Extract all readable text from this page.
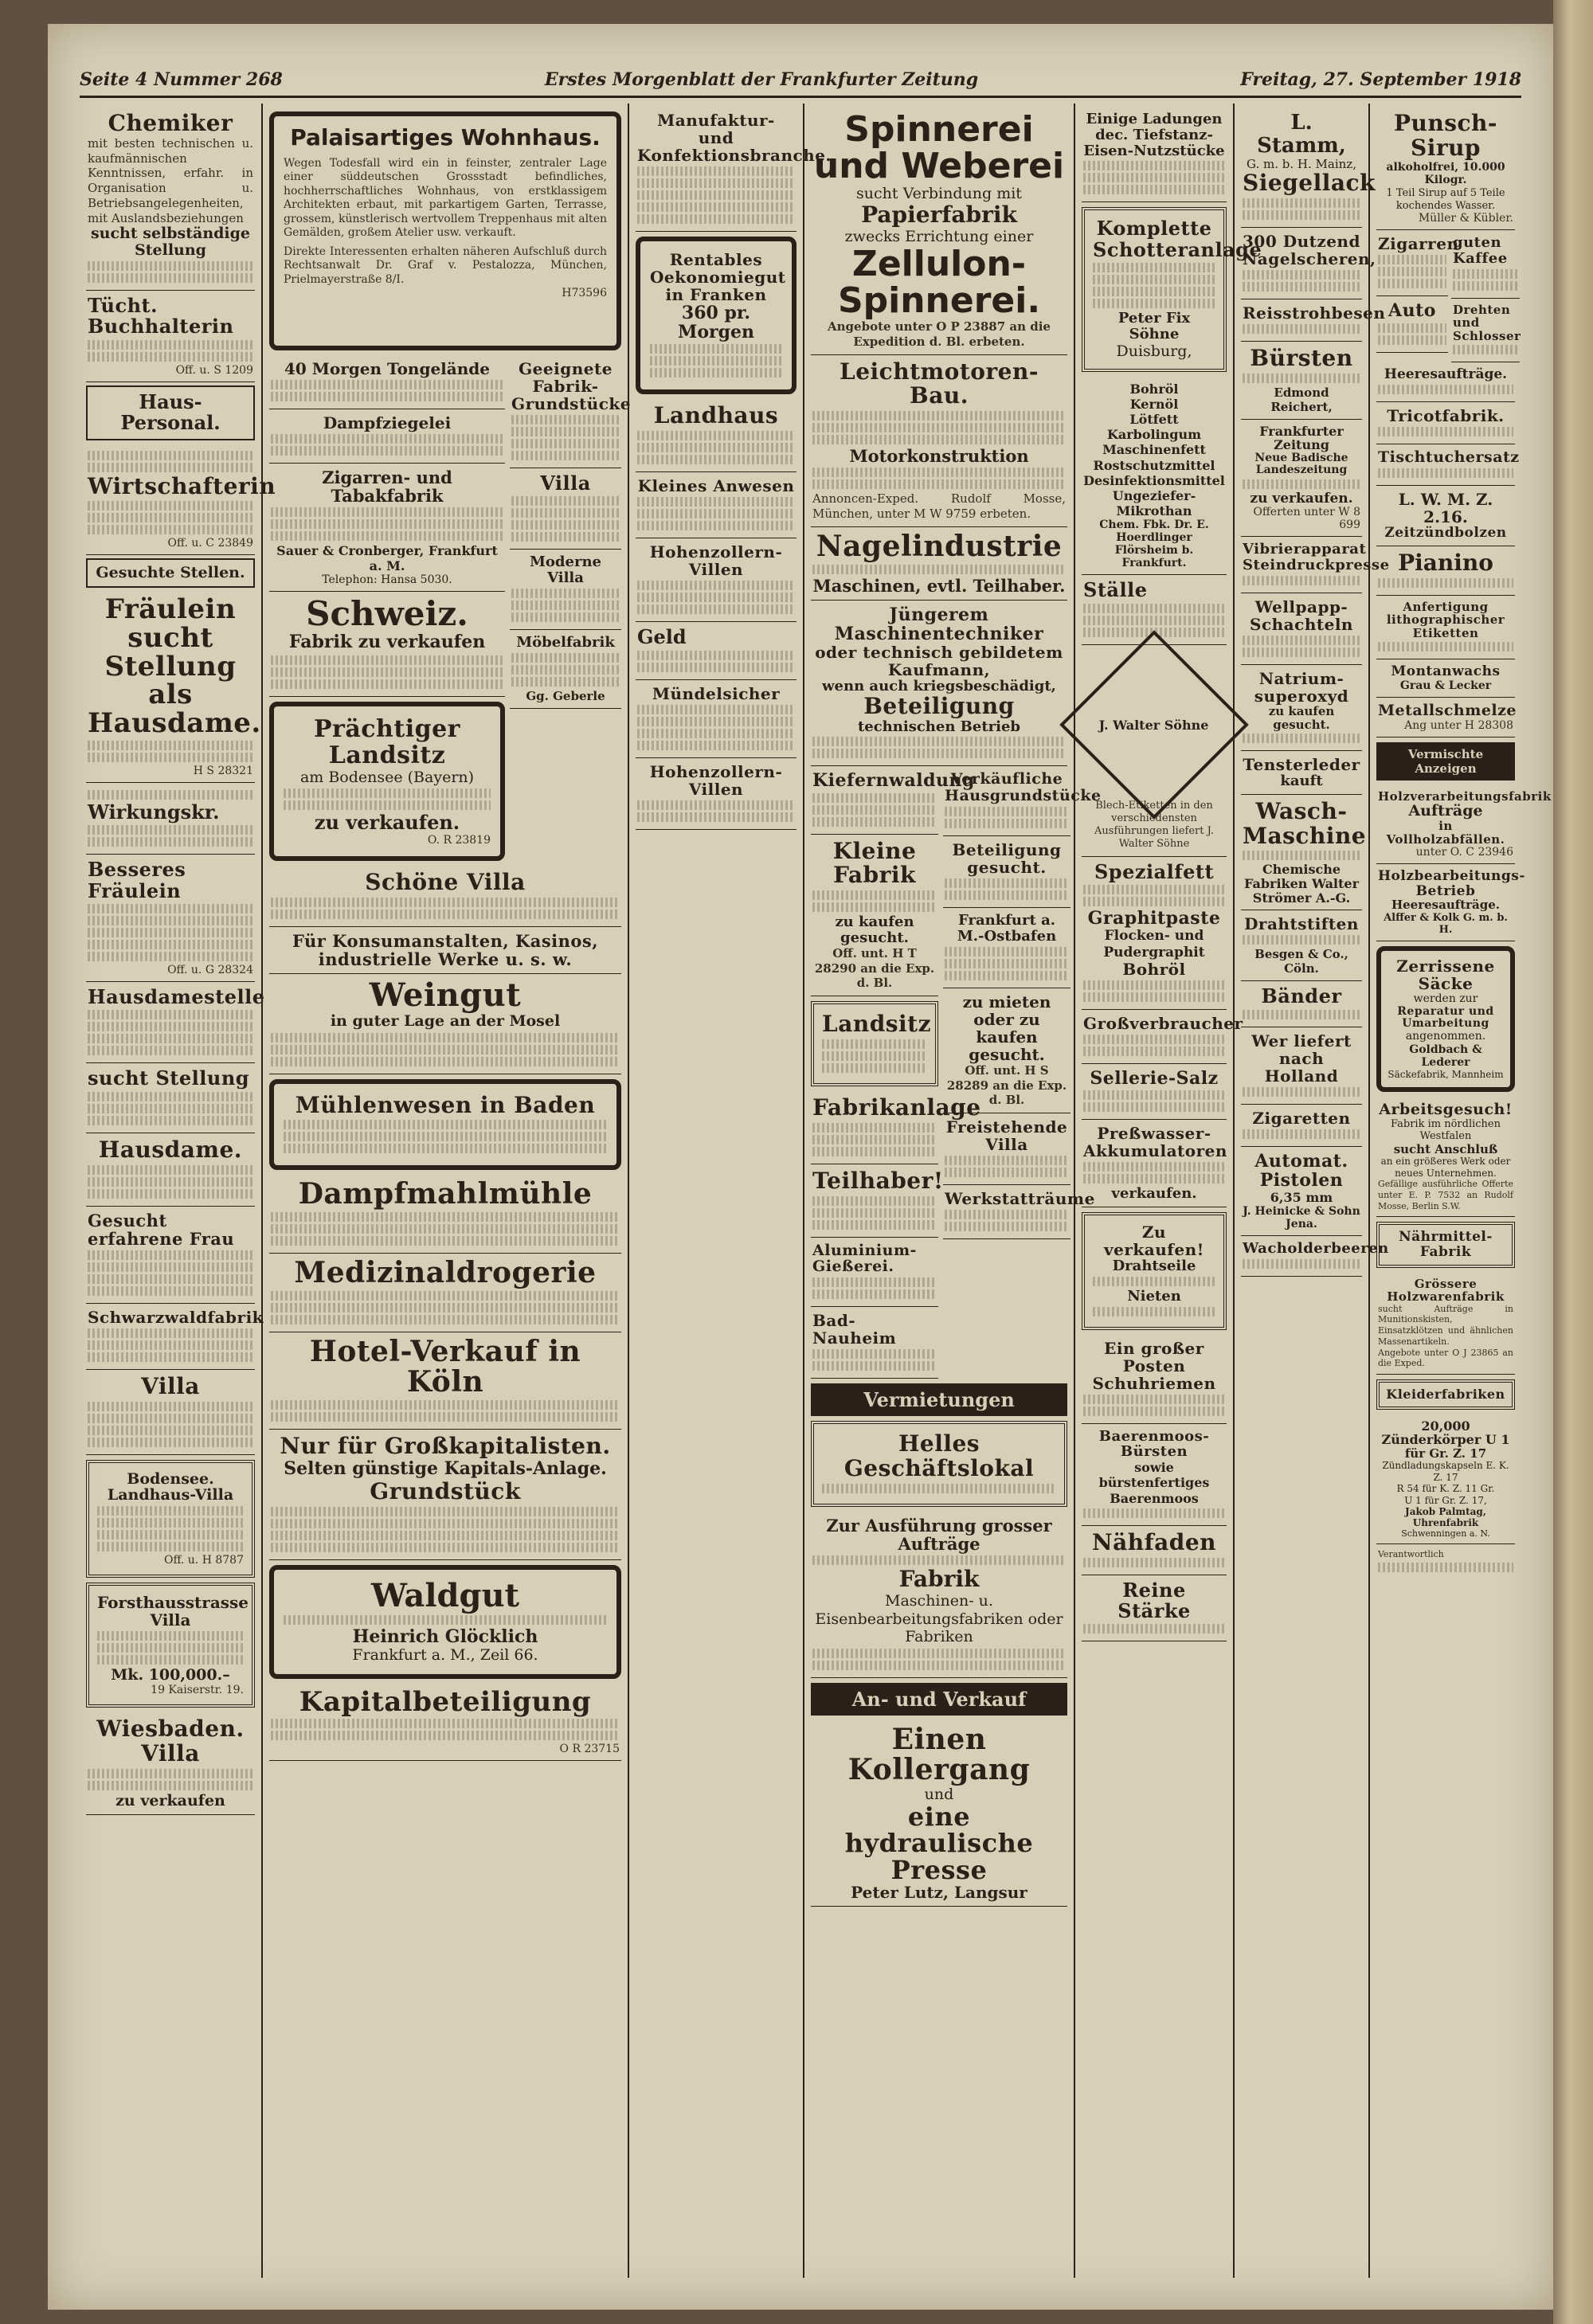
Seite 4 Nummer 268	Erstes Morgenblatt der Frankfurter Zeitung	Freitag, 27. September 1918
Chemiker
mit besten technischen u. kaufmännischen Kenntnissen, erfahr. in Organisation u. Betriebsangelegenheiten, mit Auslandsbeziehungen
sucht selbständige Stellung
Tücht. Buchhalterin
Off. u. S 1209
Haus-Personal.
Wirtschafterin
Off. u. C 23849
Gesuchte Stellen.
Fräulein sucht Stellung als Hausdame.
H S 28321
Wirkungskr.
Besseres Fräulein
Off. u. G 28324
Hausdamestelle
sucht Stellung
Hausdame.
Gesucht erfahrene Frau
Schwarzwaldfabrik
Villa
Bodensee. Landhaus-Villa
Off. u. H 8787
Forsthausstrasse Villa
Mk. 100,000.–
19 Kaiserstr. 19.
Wiesbaden. Villa
zu verkaufen
Palaisartiges Wohnhaus.
Wegen Todesfall wird ein in feinster, zentraler Lage einer süddeutschen Grossstadt befindliches, hochherrschaftliches Wohnhaus, von erstklassigem Architekten erbaut, mit parkartigem Garten, Terrasse, grossem, künstlerisch wertvollem Treppenhaus mit alten Gemälden, großem Atelier usw. verkauft.
Direkte Interessenten erhalten näheren Aufschluß durch Rechtsanwalt Dr. Graf v. Pestalozza, München, Prielmayerstraße 8/I.
H73596
40 Morgen Tongelände
Dampfziegelei
Zigarren- und Tabakfabrik
Sauer & Cronberger, Frankfurt a. M.
Telephon: Hansa 5030.
Schweiz.
Fabrik zu verkaufen
Prächtiger Landsitz
am Bodensee (Bayern)
zu verkaufen.
O. R 23819
Geeignete Fabrik-Grundstücke
Villa
Moderne Villa
Möbelfabrik
Gg. Geberle
Schöne Villa
Für Konsumanstalten, Kasinos, industrielle Werke u. s. w.
Weingut
in guter Lage an der Mosel
Mühlenwesen in Baden
Dampfmahlmühle
Medizinaldrogerie
Hotel-Verkauf in Köln
Nur für Großkapitalisten.
Selten günstige Kapitals-Anlage.
Grundstück
Waldgut
Heinrich Glöcklich
Frankfurt a. M., Zeil 66.
Kapitalbeteiligung
O R 23715
Manufaktur- und Konfektionsbranche.
Rentables Oekonomiegut in Franken
360 pr. Morgen
Landhaus
Kleines Anwesen
Hohenzollern-Villen
Geld
Mündelsicher
Hohenzollern-Villen
Spinnerei und Weberei
sucht Verbindung mit
Papierfabrik
zwecks Errichtung einer
Zellulon-Spinnerei.
Angebote unter O P 23887 an die Expedition d. Bl. erbeten.
Leichtmotoren-Bau.
Motorkonstruktion
Annoncen-Exped. Rudolf Mosse, München, unter M W 9759 erbeten.
Nagelindustrie
Maschinen, evtl. Teilhaber.
Jüngerem Maschinentechniker
oder technisch gebildetem Kaufmann,
wenn auch kriegsbeschädigt,
Beteiligung
technischen Betrieb
Kiefernwaldung
Kleine Fabrik
zu kaufen gesucht.
Off. unt. H T 28290 an die Exp. d. Bl.
Landsitz
Fabrikanlage
Teilhaber!
Aluminium-Gießerei.
Bad-Nauheim
Verkäufliche Hausgrundstücke
Beteiligung gesucht.
Frankfurt a. M.-Ostbafen
zu mieten oder zu kaufen gesucht.
Off. unt. H S 28289 an die Exp. d. Bl.
Freistehende Villa
Werkstatträume
Vermietungen
Helles Geschäftslokal
Zur Ausführung grosser Aufträge
Fabrik
Maschinen- u. Eisenbearbeitungsfabriken oder Fabriken
An- und Verkauf
Einen Kollergang
und
eine hydraulische Presse
Peter Lutz, Langsur
Einige Ladungen dec. Tiefstanz-Eisen-Nutzstücke
Komplette Schotteranlage
Peter Fix Söhne
Duisburg,
Bohröl
Kernöl
Lötfett
Karbolingum
Maschinenfett
Rostschutzmittel
Desinfektionsmittel
Ungeziefer-Mikrothan
Chem. Fbk. Dr. E. Hoerdlinger Flörsheim b. Frankfurt.
Ställe
J. Walter Söhne
Blech-Etiketten in den verschiedensten Ausführungen liefert J. Walter Söhne
Spezialfett
Graphitpaste
Flocken- und Pudergraphit
Bohröl
Großverbraucher
Sellerie-Salz
Preßwasser-Akkumulatoren
verkaufen.
Zu verkaufen!
Drahtseile
Nieten
Ein großer Posten Schuhriemen
Baerenmoos-Bürsten
sowie bürstenfertiges Baerenmoos
Nähfaden
Reine Stärke
L. Stamm,
G. m. b. H. Mainz,
Siegellack
300 Dutzend Nagelscheren,
Reisstrohbesen
Bürsten
Edmond Reichert,
Frankfurter Zeitung
Neue Badische Landeszeitung
zu verkaufen.
Offerten unter W 8 699
Vibrierapparat
Steindruckpresse
Wellpapp-Schachteln
Natrium-superoxyd
zu kaufen gesucht.
Tensterleder
kauft
Wasch-Maschine
Chemische Fabriken Walter Strömer A.-G.
Drahtstiften
Besgen & Co., Cöln.
Bänder
Wer liefert nach Holland
Zigaretten
Automat. Pistolen
6,35 mm
J. Heinicke & Sohn Jena.
Wacholderbeeren
Punsch-Sirup
alkoholfrei, 10.000 Kilogr.
1 Teil Sirup auf 5 Teile kochendes Wasser.
Müller & Kübler.
Zigarren
Auto
guten Kaffee
Drehten und Schlosser
Heeresaufträge.
Tricotfabrik.
Tischtuchersatz
L. W. M. Z. 2.16.
Zeitzündbolzen
Pianino
Anfertigung lithographischer Etiketten
Montanwachs
Grau & Lecker
Metallschmelze
Ang unter H 28308
Vermischte Anzeigen
Holzverarbeitungsfabrik
Aufträge
in Vollholzabfällen.
unter O. C 23946
Holzbearbeitungs-Betrieb
Heeresaufträge.
Alffer & Kolk G. m. b. H.
Zerrissene Säcke
werden zur
Reparatur und Umarbeitung
angenommen.
Goldbach & Lederer
Säckefabrik, Mannheim
Arbeitsgesuch!
Fabrik im nördlichen Westfalen
sucht Anschluß
an ein größeres Werk oder neues Unternehmen.
Gefällige ausführliche Offerte unter E. P. 7532 an Rudolf Mosse, Berlin S.W.
Nährmittel-Fabrik
Grössere Holzwarenfabrik
sucht Aufträge in Munitionskisten, Einsatzklötzen und ähnlichen Massenartikeln.
Angebote unter O J 23865 an die Exped.
Kleiderfabriken
20,000 Zünderkörper U 1
für Gr. Z. 17
Zündladungskapseln E. K. Z. 17
R 54 für K. Z. 11 Gr.
U 1 für Gr. Z. 17,
Jakob Palmtag, Uhrenfabrik
Schwenningen a. N.
Verantwortlich
